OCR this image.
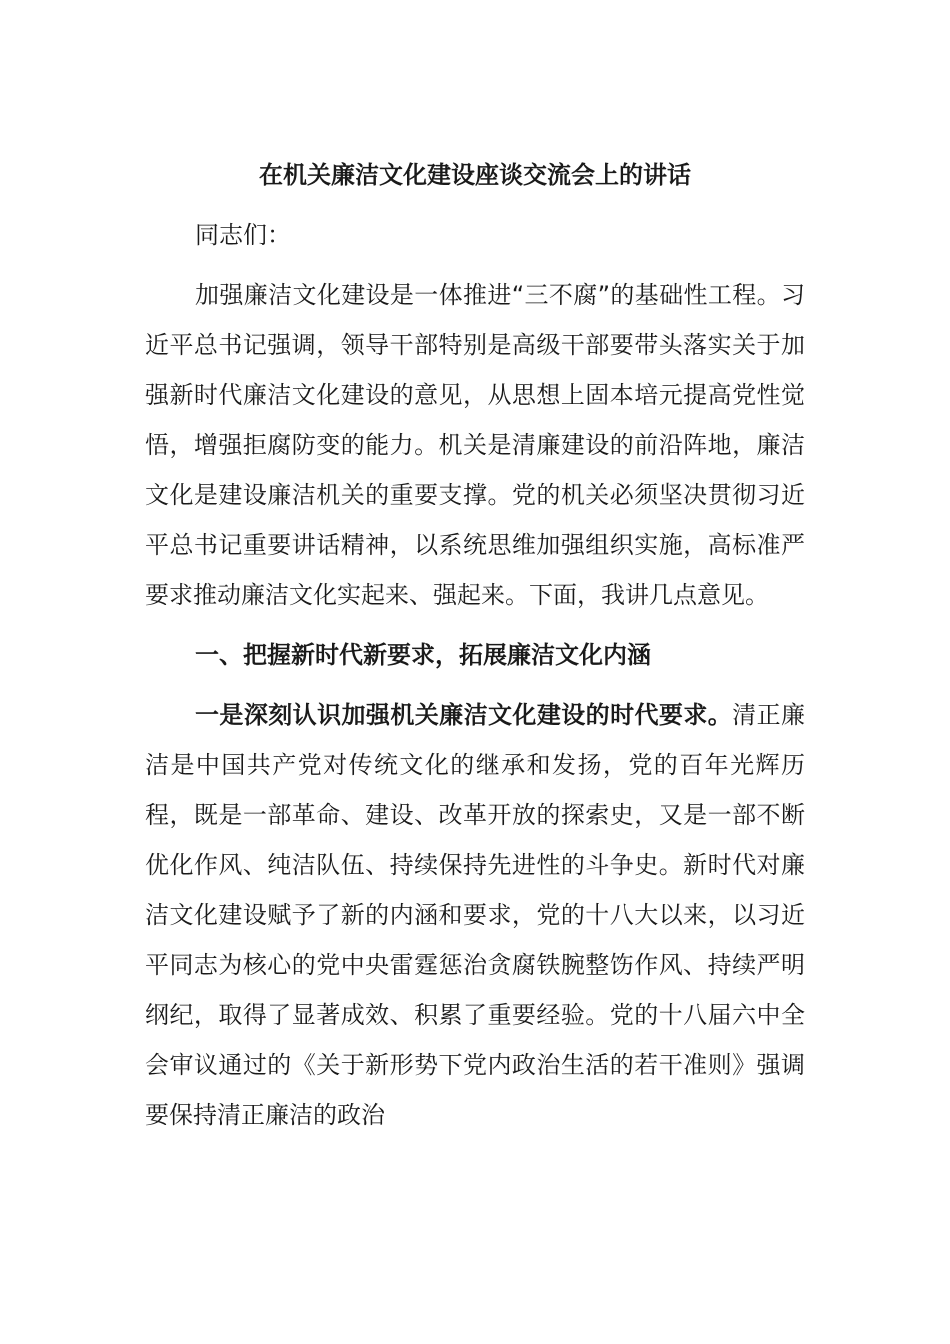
在机关廉洁文化建设座谈交流会上的讲话

同志们：

加强廉洁文化建设是一体推进“三不腐”的基础性工程。习近平总书记强调，领导干部特别是高级干部要带头落实关于加强新时代廉洁文化建设的意见，从思想上固本培元提高党性觉悟，增强拒腐防变的能力。机关是清廉建设的前沿阵地，廉洁文化是建设廉洁机关的重要支撑。党的机关必须坚决贯彻习近平总书记重要讲话精神，以系统思维加强组织实施，高标准严要求推动廉洁文化实起来、强起来。下面，我讲几点意见。

一、把握新时代新要求，拓展廉洁文化内涵

一是深刻认识加强机关廉洁文化建设的时代要求。清正廉洁是中国共产党对传统文化的继承和发扬，党的百年光辉历程，既是一部革命、建设、改革开放的探索史，又是一部不断优化作风、纯洁队伍、持续保持先进性的斗争史。新时代对廉洁文化建设赋予了新的内涵和要求，党的十八大以来，以习近平同志为核心的党中央雷霆惩治贪腐铁腕整饬作风、持续严明纲纪，取得了显著成效、积累了重要经验。党的十八届六中全会审议通过的《关于新形势下党内政治生活的若干准则》强调要保持清正廉洁的政治
